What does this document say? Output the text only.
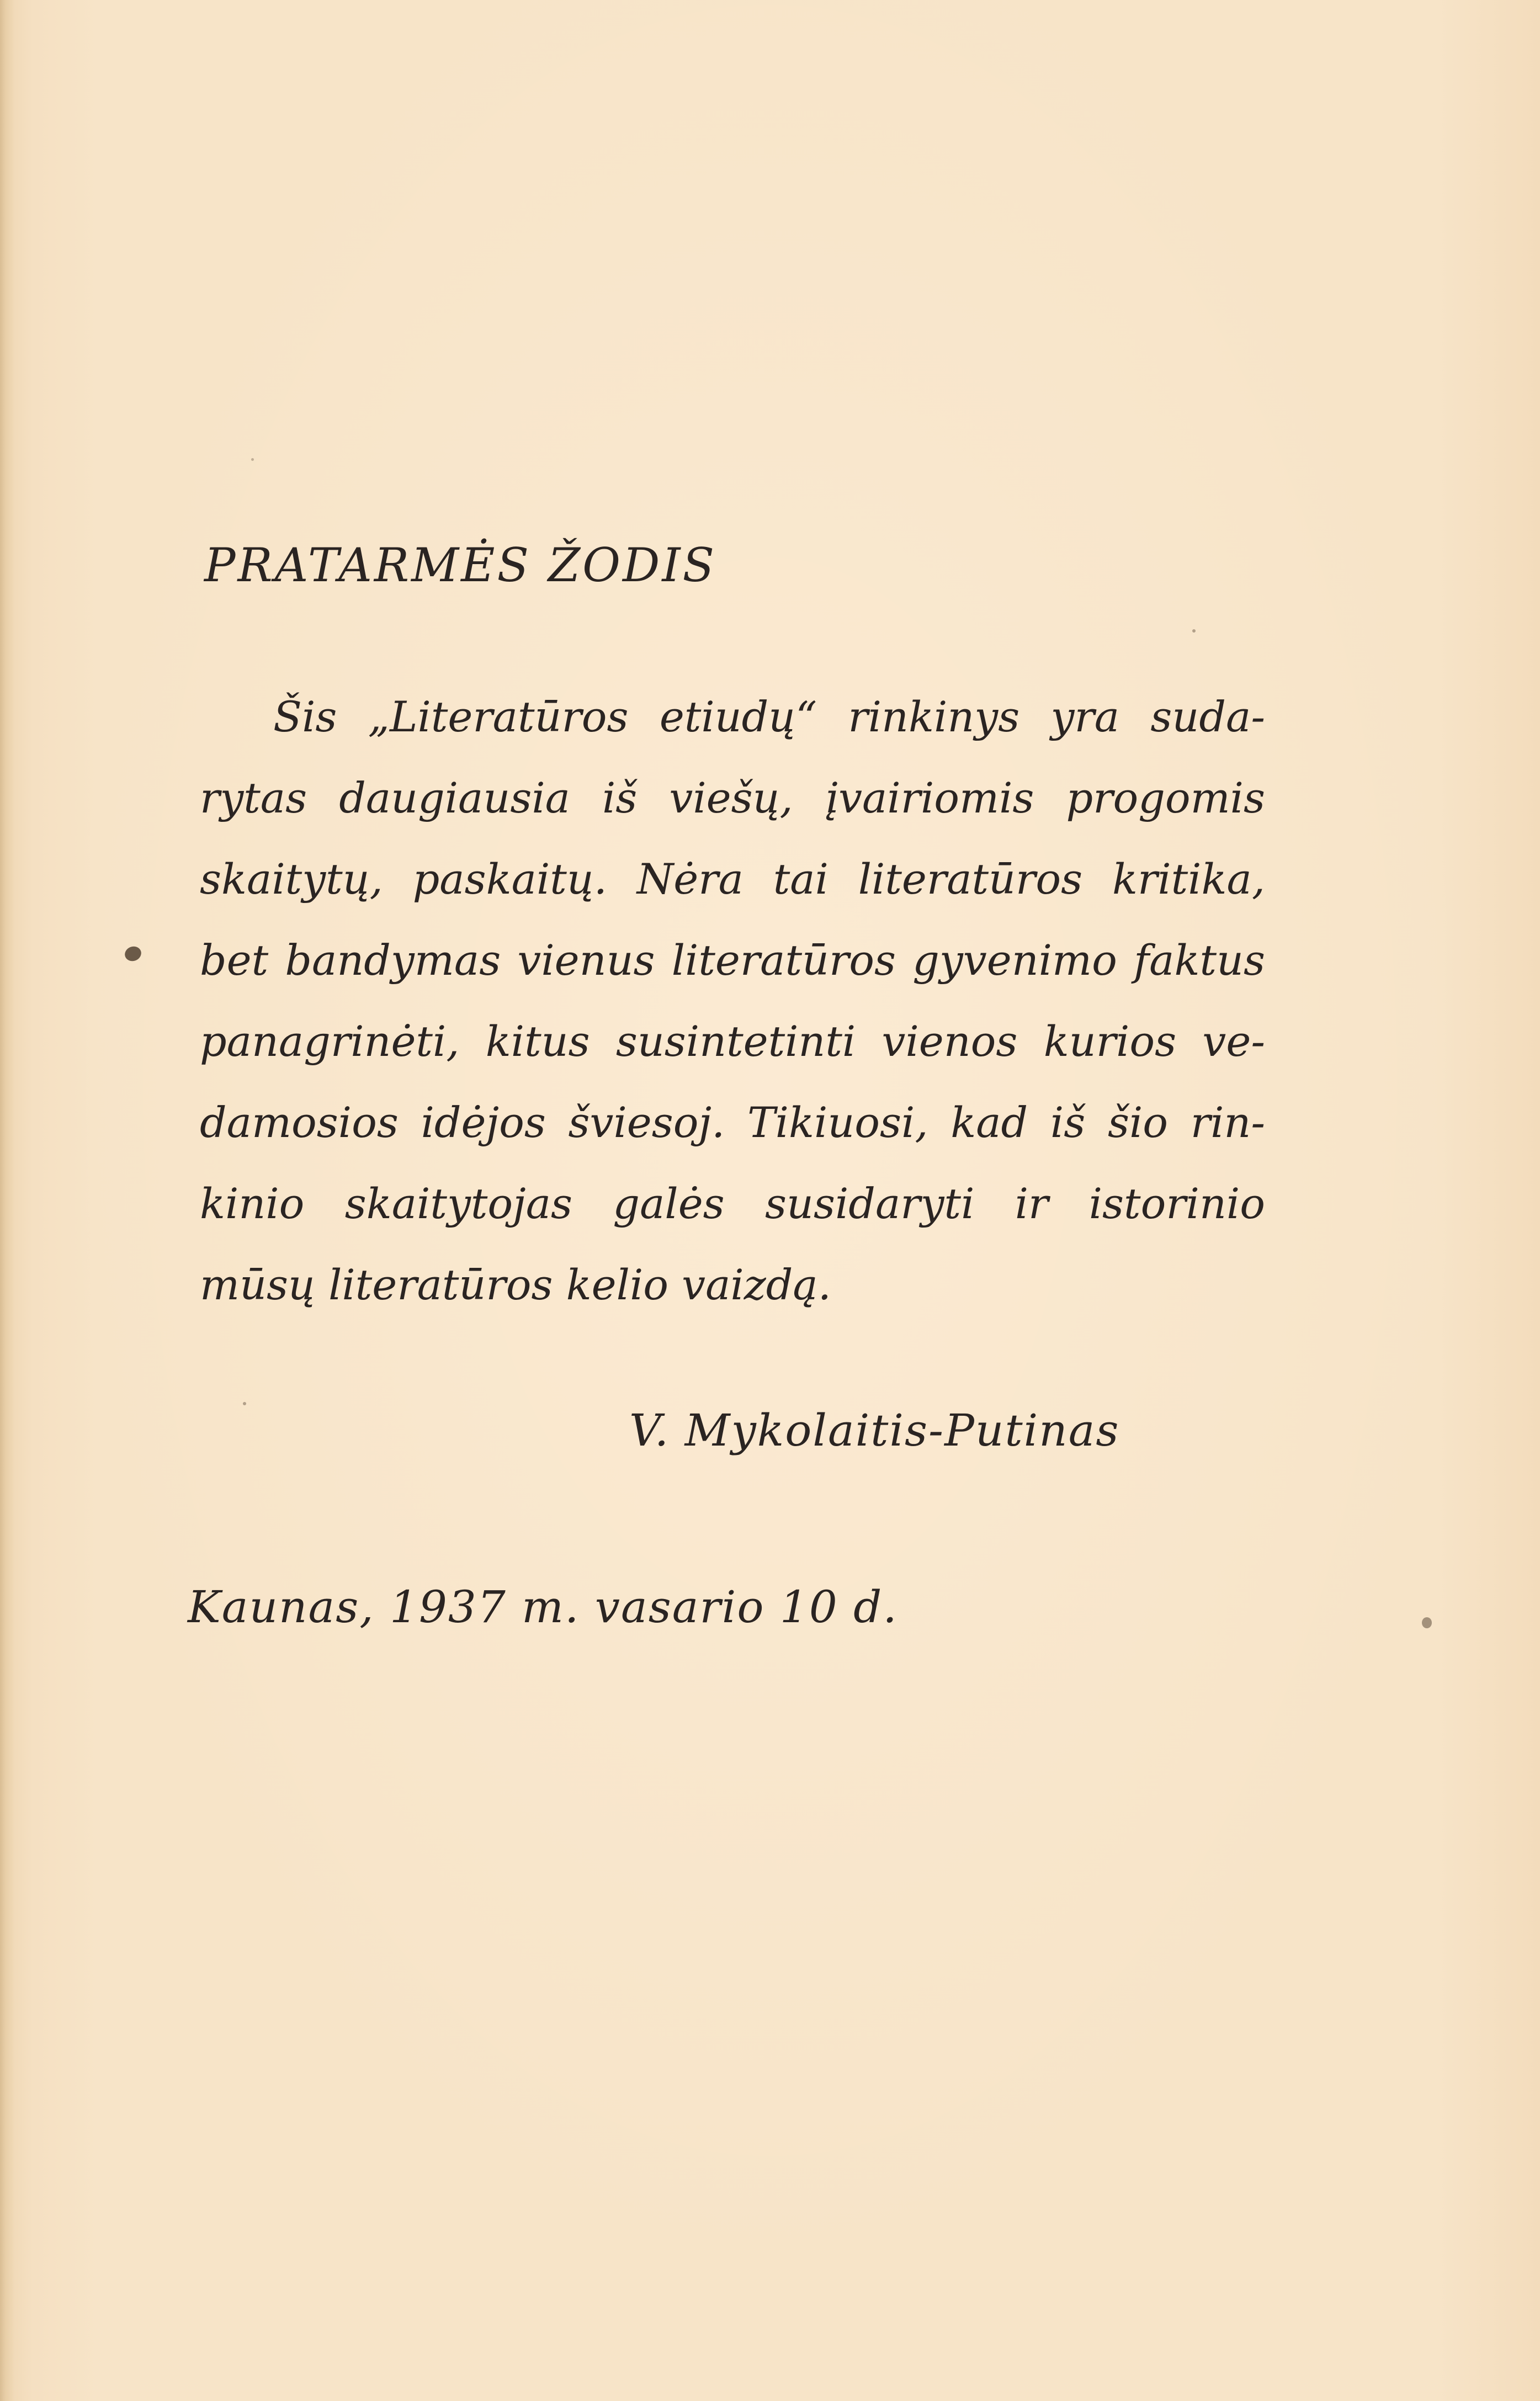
PRATARMĖS ŽODIS
Šis „Literatūros etiudų“ rinkinys yra suda-
rytas daugiausia iš viešų, įvairiomis progomis
skaitytų, paskaitų. Nėra tai literatūros kritika,
bet bandymas vienus literatūros gyvenimo faktus
panagrinėti, kitus susintetinti vienos kurios ve-
damosios idėjos šviesoj. Tikiuosi, kad iš šio rin-
kinio skaitytojas galės susidaryti ir istorinio
mūsų literatūros kelio vaizdą.
V. Mykolaitis-Putinas
Kaunas, 1937 m. vasario 10 d.
